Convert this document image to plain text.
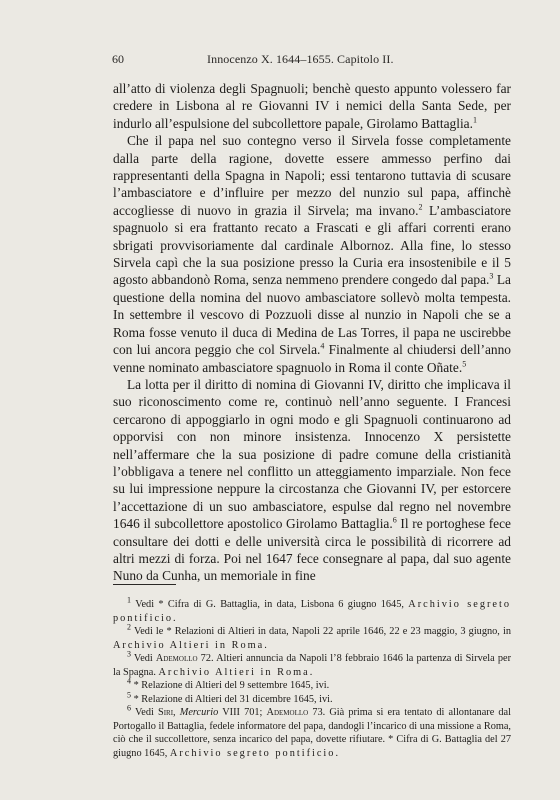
60	Innocenzo X. 1644–1655. Capitolo II.

all’atto di violenza degli Spagnuoli; benchè questo appunto volessero far credere in Lisbona al re Giovanni IV i nemici della Santa Sede, per indurlo all’espulsione del subcollettore papale, Girolamo Battaglia.$^1$

Che il papa nel suo contegno verso il Sirvela fosse completamente dalla parte della ragione, dovette essere ammesso perfino dai rappresentanti della Spagna in Napoli; essi tentarono tuttavia di scusare l’ambasciatore e d’influire per mezzo del nunzio sul papa, affinchè accogliesse di nuovo in grazia il Sirvela; ma invano.$^2$ L’ambasciatore spagnuolo si era frattanto recato a Frascati e gli affari correnti erano sbrigati provvisoriamente dal cardinale Albornoz. Alla fine, lo stesso Sirvela capì che la sua posizione presso la Curia era insostenibile e il 5 agosto abbandonò Roma, senza nemmeno prendere congedo dal papa.$^3$ La questione della nomina del nuovo ambasciatore sollevò molta tempesta. In settembre il vescovo di Pozzuoli disse al nunzio in Napoli che se a Roma fosse venuto il duca di Medina de Las Torres, il papa ne uscirebbe con lui ancora peggio che col Sirvela.$^4$ Finalmente al chiudersi dell’anno venne nominato ambasciatore spagnuolo in Roma il conte Oñate.$^5$

La lotta per il diritto di nomina di Giovanni IV, diritto che implicava il suo riconoscimento come re, continuò nell’anno seguente. I Francesi cercarono di appoggiarlo in ogni modo e gli Spagnuoli continuarono ad opporvisi con non minore insistenza. Innocenzo X persistette nell’affermare che la sua posizione di padre comune della cristianità l’obbligava a tenere nel conflitto un atteggiamento imparziale. Non fece su lui impressione neppure la circostanza che Giovanni IV, per estorcere l’accettazione di un suo ambasciatore, espulse dal regno nel novembre 1646 il subcollettore apostolico Girolamo Battaglia.$^6$ Il re portoghese fece consultare dei dotti e delle università circa le possibilità di ricorrere ad altri mezzi di forza. Poi nel 1647 fece consegnare al papa, dal suo agente Nuno da Cunha, un memoriale in fine

$^1$ Vedi * Cifra di G. Battaglia, in data, Lisbona 6 giugno 1645, Archivio segreto pontificio.

$^2$ Vedi le * Relazioni di Altieri in data, Napoli 22 aprile 1646, 22 e 23 maggio, 3 giugno, in Archivio Altieri in Roma.

$^3$ Vedi Ademollo 72. Altieri annuncia da Napoli l’8 febbraio 1646 la partenza di Sirvela per la Spagna. Archivio Altieri in Roma.

$^4$ * Relazione di Altieri del 9 settembre 1645, ivi.

$^5$ * Relazione di Altieri del 31 dicembre 1645, ivi.

$^6$ Vedi Siri, Mercurio VIII 701; Ademollo 73. Già prima si era tentato di allontanare dal Portogallo il Battaglia, fedele informatore del papa, dandogli l’incarico di una missione a Roma, ciò che il succollettore, senza incarico del papa, dovette rifiutare. * Cifra di G. Battaglia del 27 giugno 1645, Archivio segreto pontificio.
